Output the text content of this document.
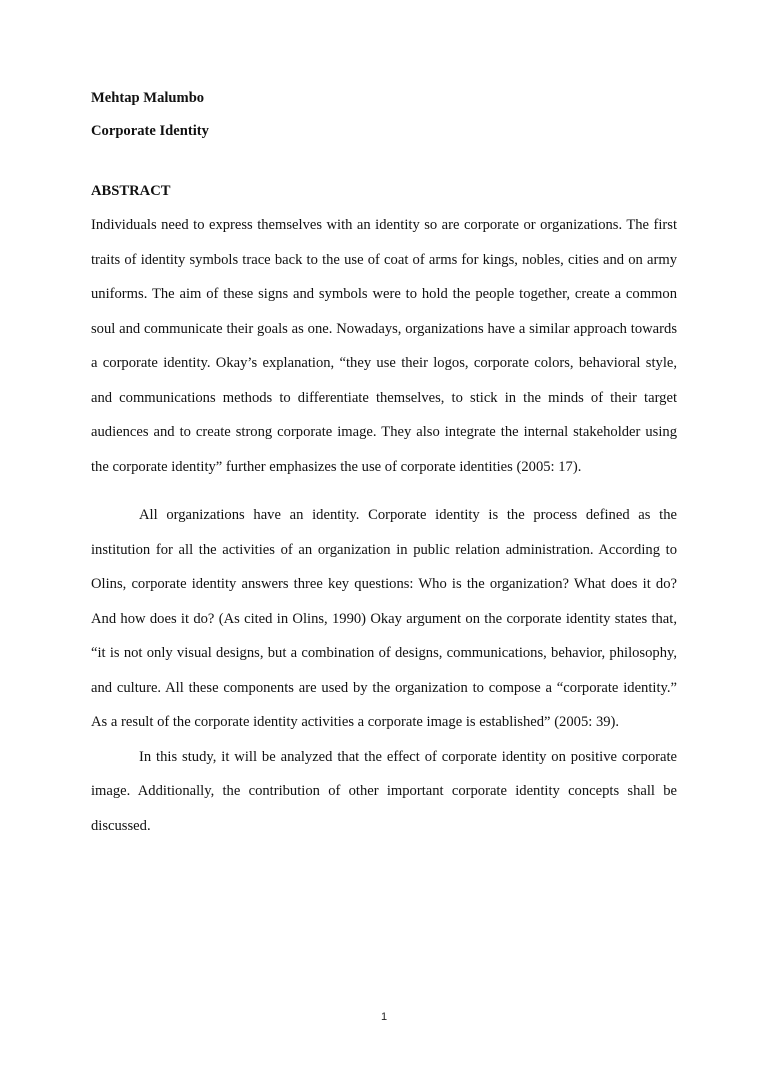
Mehtap Malumbo

Corporate Identity

ABSTRACT

Individuals need to express themselves with an identity so are corporate or organizations. The first traits of identity symbols trace back to the use of coat of arms for kings, nobles, cities and on army uniforms. The aim of these signs and symbols were to hold the people together, create a common soul and communicate their goals as one. Nowadays, organizations have a similar approach towards a corporate identity. Okay’s explanation, “they use their logos, corporate colors, behavioral style, and communications methods to differentiate themselves, to stick in the minds of their target audiences and to create strong corporate image. They also integrate the internal stakeholder using the corporate identity” further emphasizes the use of corporate identities (2005: 17).

All organizations have an identity. Corporate identity is the process defined as the institution for all the activities of an organization in public relation administration. According to Olins, corporate identity answers three key questions: Who is the organization? What does it do? And how does it do? (As cited in Olins, 1990) Okay argument on the corporate identity states that, “it is not only visual designs, but a combination of designs, communications, behavior, philosophy, and culture. All these components are used by the organization to compose a “corporate identity.” As a result of the corporate identity activities a corporate image is established” (2005: 39).

In this study, it will be analyzed that the effect of corporate identity on positive corporate image. Additionally, the contribution of other important corporate identity concepts shall be discussed.

1
